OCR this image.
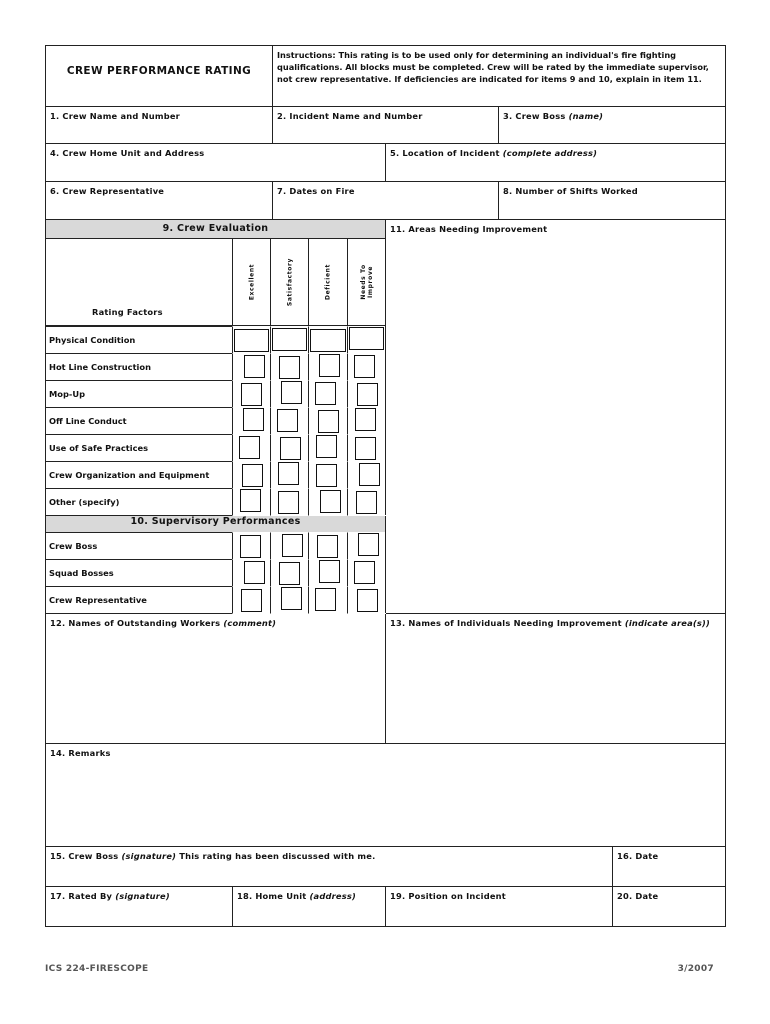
CREW PERFORMANCE RATING
Instructions: This rating is to be used only for determining an individual's fire fighting qualifications. All blocks must be completed. Crew will be rated by the immediate supervisor, not crew representative. If deficiencies are indicated for items 9 and 10, explain in item 11.
1. Crew Name and Number	2. Incident Name and Number	3. Crew Boss (name)
4. Crew Home Unit and Address	5. Location of Incident (complete address)
6. Crew Representative	7. Dates on Fire	8. Number of Shifts Worked
9. Crew Evaluation
Rating Factors
Excellent	Satisfactory	Deficient	Needs To Improve
10. Supervisory Performances
11. Areas Needing Improvement
12. Names of Outstanding Workers (comment)	13. Names of Individuals Needing Improvement (indicate area(s))
14. Remarks
15. Crew Boss (signature) This rating has been discussed with me.	16. Date
17. Rated By (signature)	18. Home Unit (address)	19. Position on Incident	20. Date
Physical Condition
Hot Line Construction
Mop-Up
Off Line Conduct
Use of Safe Practices
Crew Organization and Equipment
Other (specify)
Crew Boss
Squad Bosses
Crew Representative
ICS 224-FIRESCOPE	3/2007
